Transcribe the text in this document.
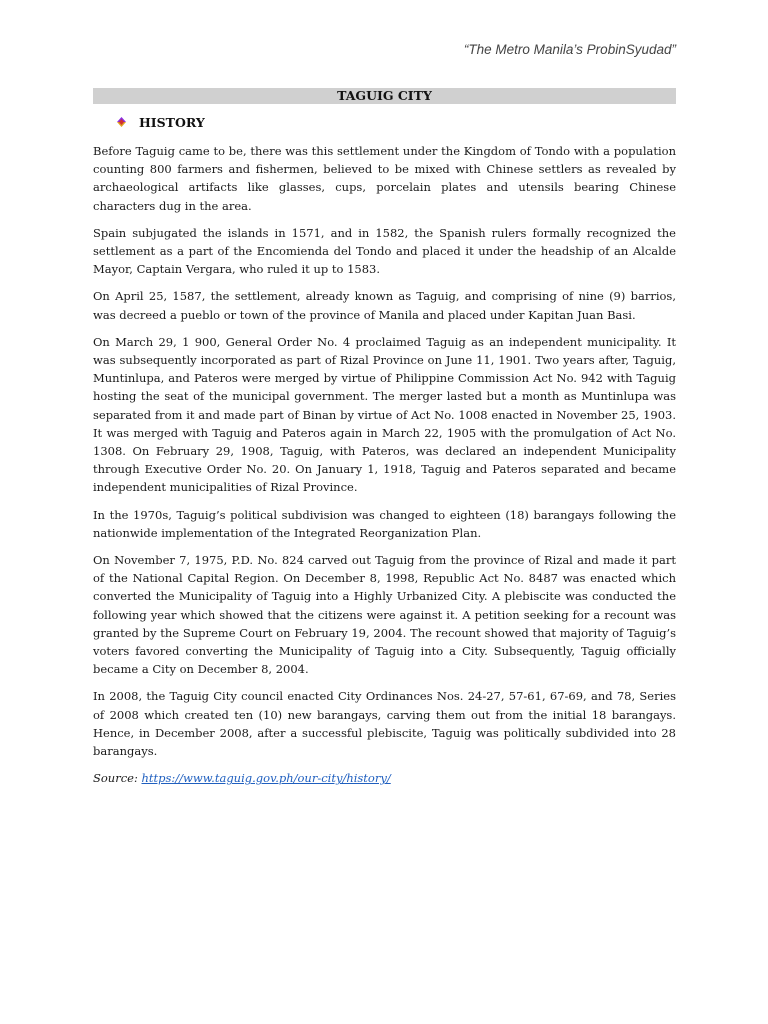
“The Metro Manila’s ProbinSyudad”
TAGUIG CITY
HISTORY

Before Taguig came to be, there was this settlement under the Kingdom of Tondo with a population counting 800 farmers and fishermen, believed to be mixed with Chinese settlers as revealed by archaeological artifacts like glasses, cups, porcelain plates and utensils bearing Chinese characters dug in the area.

Spain subjugated the islands in 1571, and in 1582, the Spanish rulers formally recognized the settlement as a part of the Encomienda del Tondo and placed it under the headship of an Alcalde Mayor, Captain Vergara, who ruled it up to 1583.

On April 25, 1587, the settlement, already known as Taguig, and comprising of nine (9) barrios, was decreed a pueblo or town of the province of Manila and placed under Kapitan Juan Basi.

On March 29, 1 900, General Order No. 4 proclaimed Taguig as an independent municipality. It was subsequently incorporated as part of Rizal Province on June 11, 1901. Two years after, Taguig, Muntinlupa, and Pateros were merged by virtue of Philippine Commission Act No. 942 with Taguig hosting the seat of the municipal government. The merger lasted but a month as Muntinlupa was separated from it and made part of Binan by virtue of Act No. 1008 enacted in November 25, 1903. It was merged with Taguig and Pateros again in March 22, 1905 with the promulgation of Act No. 1308. On February 29, 1908, Taguig, with Pateros, was declared an independent Municipality through Executive Order No. 20. On January 1, 1918, Taguig and Pateros separated and became independent municipalities of Rizal Province.

In the 1970s, Taguig’s political subdivision was changed to eighteen (18) barangays following the nationwide implementation of the Integrated Reorganization Plan.

On November 7, 1975, P.D. No. 824 carved out Taguig from the province of Rizal and made it part of the National Capital Region. On December 8, 1998, Republic Act No. 8487 was enacted which converted the Municipality of Taguig into a Highly Urbanized City. A plebiscite was conducted the following year which showed that the citizens were against it. A petition seeking for a recount was granted by the Supreme Court on February 19, 2004. The recount showed that majority of Taguig’s voters favored converting the Municipality of Taguig into a City. Subsequently, Taguig officially became a City on December 8, 2004.

In 2008, the Taguig City council enacted City Ordinances Nos. 24-27, 57-61, 67-69, and 78, Series of 2008 which created ten (10) new barangays, carving them out from the initial 18 barangays. Hence, in December 2008, after a successful plebiscite, Taguig was politically subdivided into 28 barangays.

Source: https://www.taguig.gov.ph/our-city/history/
